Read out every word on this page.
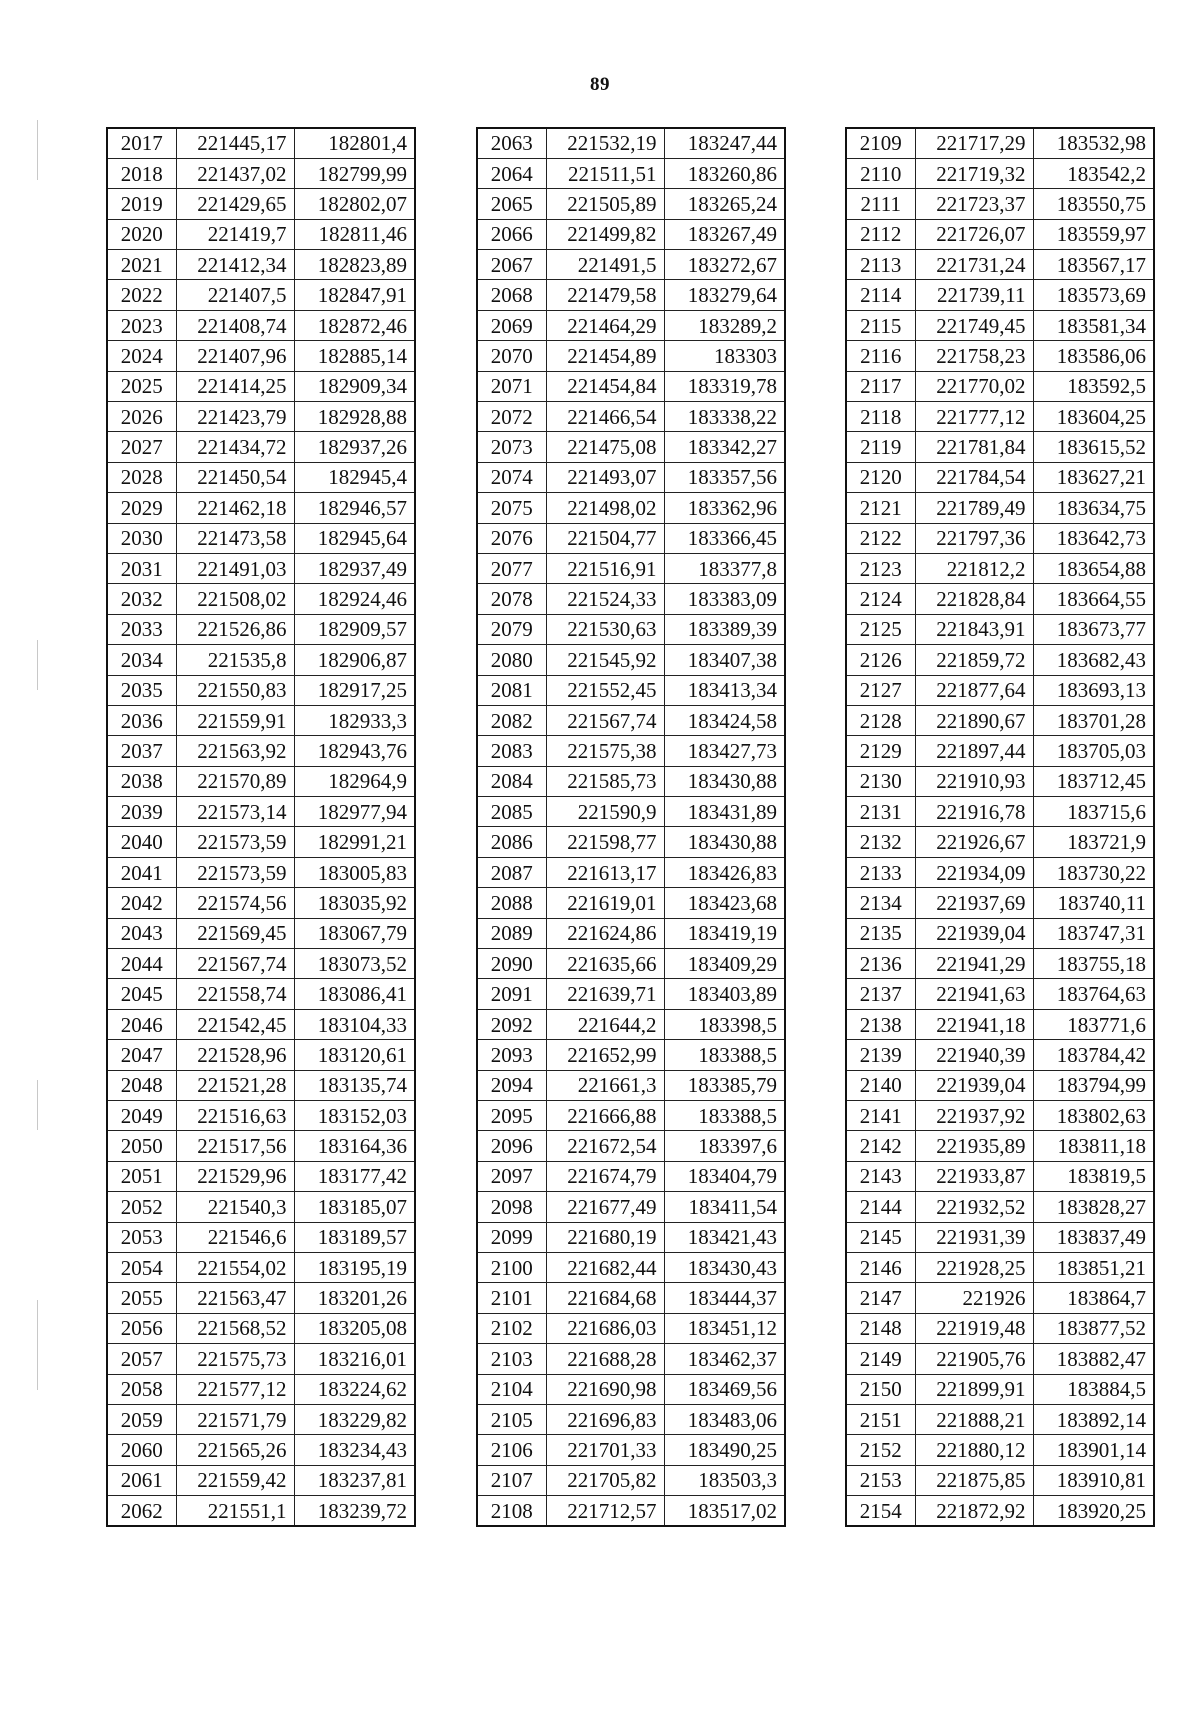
89
2017	221445,17	182801,4
2018	221437,02	182799,99
2019	221429,65	182802,07
2020	221419,7	182811,46
2021	221412,34	182823,89
2022	221407,5	182847,91
2023	221408,74	182872,46
2024	221407,96	182885,14
2025	221414,25	182909,34
2026	221423,79	182928,88
2027	221434,72	182937,26
2028	221450,54	182945,4
2029	221462,18	182946,57
2030	221473,58	182945,64
2031	221491,03	182937,49
2032	221508,02	182924,46
2033	221526,86	182909,57
2034	221535,8	182906,87
2035	221550,83	182917,25
2036	221559,91	182933,3
2037	221563,92	182943,76
2038	221570,89	182964,9
2039	221573,14	182977,94
2040	221573,59	182991,21
2041	221573,59	183005,83
2042	221574,56	183035,92
2043	221569,45	183067,79
2044	221567,74	183073,52
2045	221558,74	183086,41
2046	221542,45	183104,33
2047	221528,96	183120,61
2048	221521,28	183135,74
2049	221516,63	183152,03
2050	221517,56	183164,36
2051	221529,96	183177,42
2052	221540,3	183185,07
2053	221546,6	183189,57
2054	221554,02	183195,19
2055	221563,47	183201,26
2056	221568,52	183205,08
2057	221575,73	183216,01
2058	221577,12	183224,62
2059	221571,79	183229,82
2060	221565,26	183234,43
2061	221559,42	183237,81
2062	221551,1	183239,72
2063	221532,19	183247,44
2064	221511,51	183260,86
2065	221505,89	183265,24
2066	221499,82	183267,49
2067	221491,5	183272,67
2068	221479,58	183279,64
2069	221464,29	183289,2
2070	221454,89	183303
2071	221454,84	183319,78
2072	221466,54	183338,22
2073	221475,08	183342,27
2074	221493,07	183357,56
2075	221498,02	183362,96
2076	221504,77	183366,45
2077	221516,91	183377,8
2078	221524,33	183383,09
2079	221530,63	183389,39
2080	221545,92	183407,38
2081	221552,45	183413,34
2082	221567,74	183424,58
2083	221575,38	183427,73
2084	221585,73	183430,88
2085	221590,9	183431,89
2086	221598,77	183430,88
2087	221613,17	183426,83
2088	221619,01	183423,68
2089	221624,86	183419,19
2090	221635,66	183409,29
2091	221639,71	183403,89
2092	221644,2	183398,5
2093	221652,99	183388,5
2094	221661,3	183385,79
2095	221666,88	183388,5
2096	221672,54	183397,6
2097	221674,79	183404,79
2098	221677,49	183411,54
2099	221680,19	183421,43
2100	221682,44	183430,43
2101	221684,68	183444,37
2102	221686,03	183451,12
2103	221688,28	183462,37
2104	221690,98	183469,56
2105	221696,83	183483,06
2106	221701,33	183490,25
2107	221705,82	183503,3
2108	221712,57	183517,02
2109	221717,29	183532,98
2110	221719,32	183542,2
2111	221723,37	183550,75
2112	221726,07	183559,97
2113	221731,24	183567,17
2114	221739,11	183573,69
2115	221749,45	183581,34
2116	221758,23	183586,06
2117	221770,02	183592,5
2118	221777,12	183604,25
2119	221781,84	183615,52
2120	221784,54	183627,21
2121	221789,49	183634,75
2122	221797,36	183642,73
2123	221812,2	183654,88
2124	221828,84	183664,55
2125	221843,91	183673,77
2126	221859,72	183682,43
2127	221877,64	183693,13
2128	221890,67	183701,28
2129	221897,44	183705,03
2130	221910,93	183712,45
2131	221916,78	183715,6
2132	221926,67	183721,9
2133	221934,09	183730,22
2134	221937,69	183740,11
2135	221939,04	183747,31
2136	221941,29	183755,18
2137	221941,63	183764,63
2138	221941,18	183771,6
2139	221940,39	183784,42
2140	221939,04	183794,99
2141	221937,92	183802,63
2142	221935,89	183811,18
2143	221933,87	183819,5
2144	221932,52	183828,27
2145	221931,39	183837,49
2146	221928,25	183851,21
2147	221926	183864,7
2148	221919,48	183877,52
2149	221905,76	183882,47
2150	221899,91	183884,5
2151	221888,21	183892,14
2152	221880,12	183901,14
2153	221875,85	183910,81
2154	221872,92	183920,25
